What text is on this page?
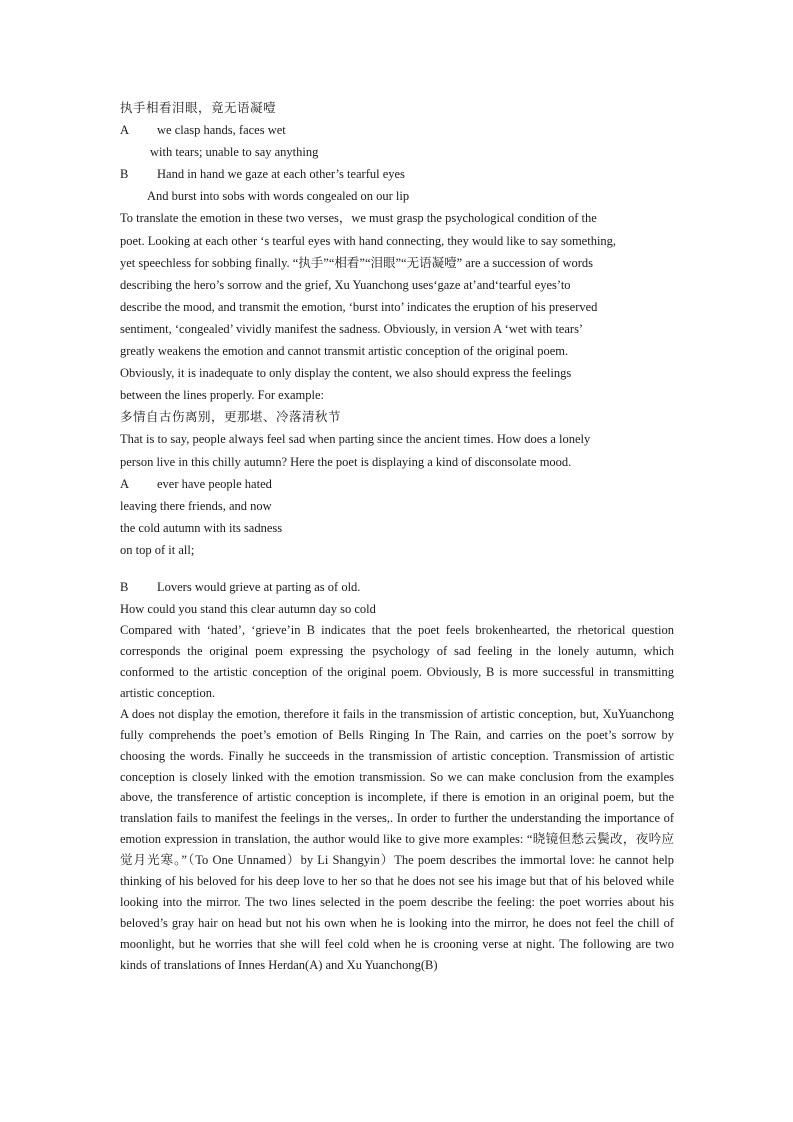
执手相看泪眼，竟无语凝噎
A we clasp hands, faces wet
with tears; unable to say anything
B Hand in hand we gaze at each other’s tearful eyes
And burst into sobs with words congealed on our lip
To translate the emotion in these two verses，we must grasp the psychological condition of the
poet. Looking at each other ‘s tearful eyes with hand connecting, they would like to say something,
yet speechless for sobbing finally. “执手”“相看”“泪眼”“无语凝噎” are a succession of words
describing the hero’s sorrow and the grief, Xu Yuanchong uses‘gaze at’and‘tearful eyes’to
describe the mood, and transmit the emotion, ‘burst into’ indicates the eruption of his preserved
sentiment, ‘congealed’ vividly manifest the sadness. Obviously, in version A ‘wet with tears’
greatly weakens the emotion and cannot transmit artistic conception of the original poem.
Obviously, it is inadequate to only display the content, we also should express the feelings
between the lines properly. For example:
多情自古伤离别，更那堪、冷落清秋节
That is to say, people always feel sad when parting since the ancient times. How does a lonely
person live in this chilly autumn? Here the poet is displaying a kind of disconsolate mood.
A ever have people hated
leaving there friends, and now
the cold autumn with its sadness
on top of it all;
B Lovers would grieve at parting as of old.
How could you stand this clear autumn day so cold

Compared with ‘hated’, ‘grieve’in B indicates that the poet feels brokenhearted, the rhetorical question corresponds the original poem expressing the psychology of sad feeling in the lonely autumn, which conformed to the artistic conception of the original poem. Obviously, B is more successful in transmitting artistic conception.

A does not display the emotion, therefore it fails in the transmission of artistic conception, but, XuYuanchong fully comprehends the poet’s emotion of Bells Ringing In The Rain, and carries on the poet’s sorrow by choosing the words. Finally he succeeds in the transmission of artistic conception. Transmission of artistic conception is closely linked with the emotion transmission. So we can make conclusion from the examples above, the transference of artistic conception is incomplete, if there is emotion in an original poem, but the translation fails to manifest the feelings in the verses,. In order to further the understanding the importance of emotion expression in translation, the author would like to give more examples: “晓镜但愁云鬓改，夜吟应觉月光寒。”（To One Unnamed）by Li Shangyin）The poem describes the immortal love: he cannot help thinking of his beloved for his deep love to her so that he does not see his image but that of his beloved while looking into the mirror. The two lines selected in the poem describe the feeling: the poet worries about his beloved’s gray hair on head but not his own when he is looking into the mirror, he does not feel the chill of moonlight, but he worries that she will feel cold when he is crooning verse at night. The following are two kinds of translations of Innes Herdan(A) and Xu Yuanchong(B)
